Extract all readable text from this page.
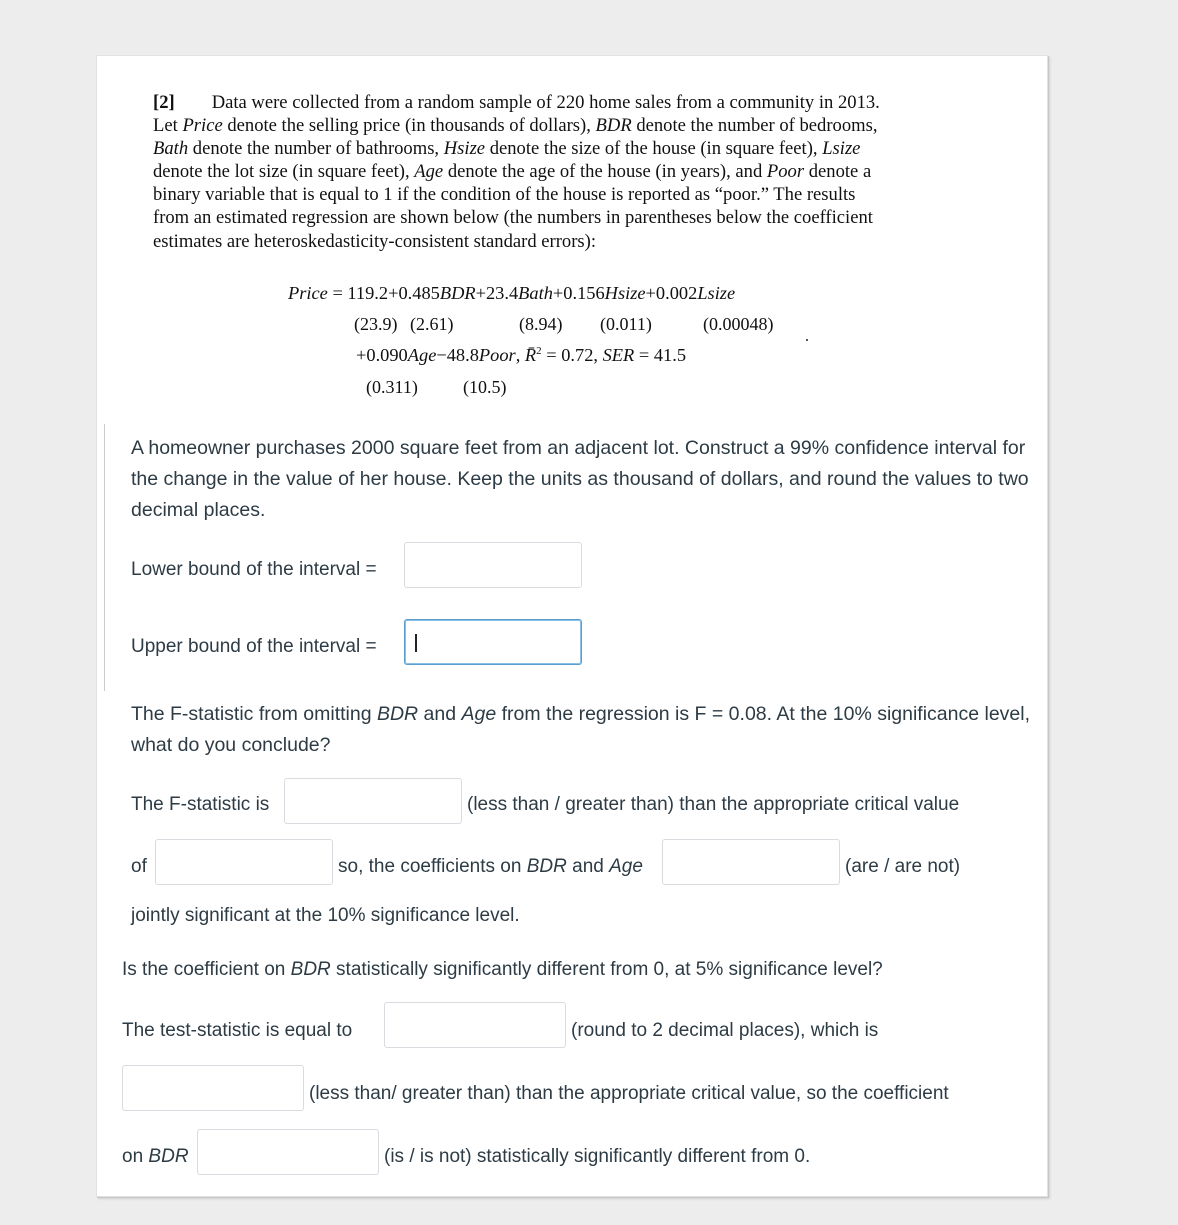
[2] Data were collected from a random sample of 220 home sales from a community in 2013.

Let Price denote the selling price (in thousands of dollars), BDR denote the number of bedrooms,

Bath denote the number of bathrooms, Hsize denote the size of the house (in square feet), Lsize

denote the lot size (in square feet), Age denote the age of the house (in years), and Poor denote a

binary variable that is equal to 1 if the condition of the house is reported as “poor.” The results

from an estimated regression are shown below (the numbers in parentheses below the coefficient

estimates are heteroskedasticity-consistent standard errors):

Price = 119.2+0.485BDR+23.4Bath+0.156Hsize+0.002Lsize
(23.9) (2.61)	(8.94) (0.011)	(0.00048)
+0.090Age−48.8Poor, R̄$^2$ = 0.72, SER = 41.5
(0.311)	(10.5)
A homeowner purchases 2000 square feet from an adjacent lot. Construct a 99% confidence interval for the change in the value of her house. Keep the units as thousand of dollars, and round the values to two decimal places.
Lower bound of the interval =
Upper bound of the interval =
The F-statistic from omitting BDR and Age from the regression is F = 0.08. At the 10% significance level, what do you conclude?
The F-statistic is	(less than / greater than) than the appropriate critical value
of	so, the coefficients on BDR and Age	(are / are not)
jointly significant at the 10% significance level.
Is the coefficient on BDR statistically significantly different from 0, at 5% significance level?
The test-statistic is equal to	(round to 2 decimal places), which is
(less than/ greater than) than the appropriate critical value, so the coefficient
on BDR	(is / is not) statistically significantly different from 0.
